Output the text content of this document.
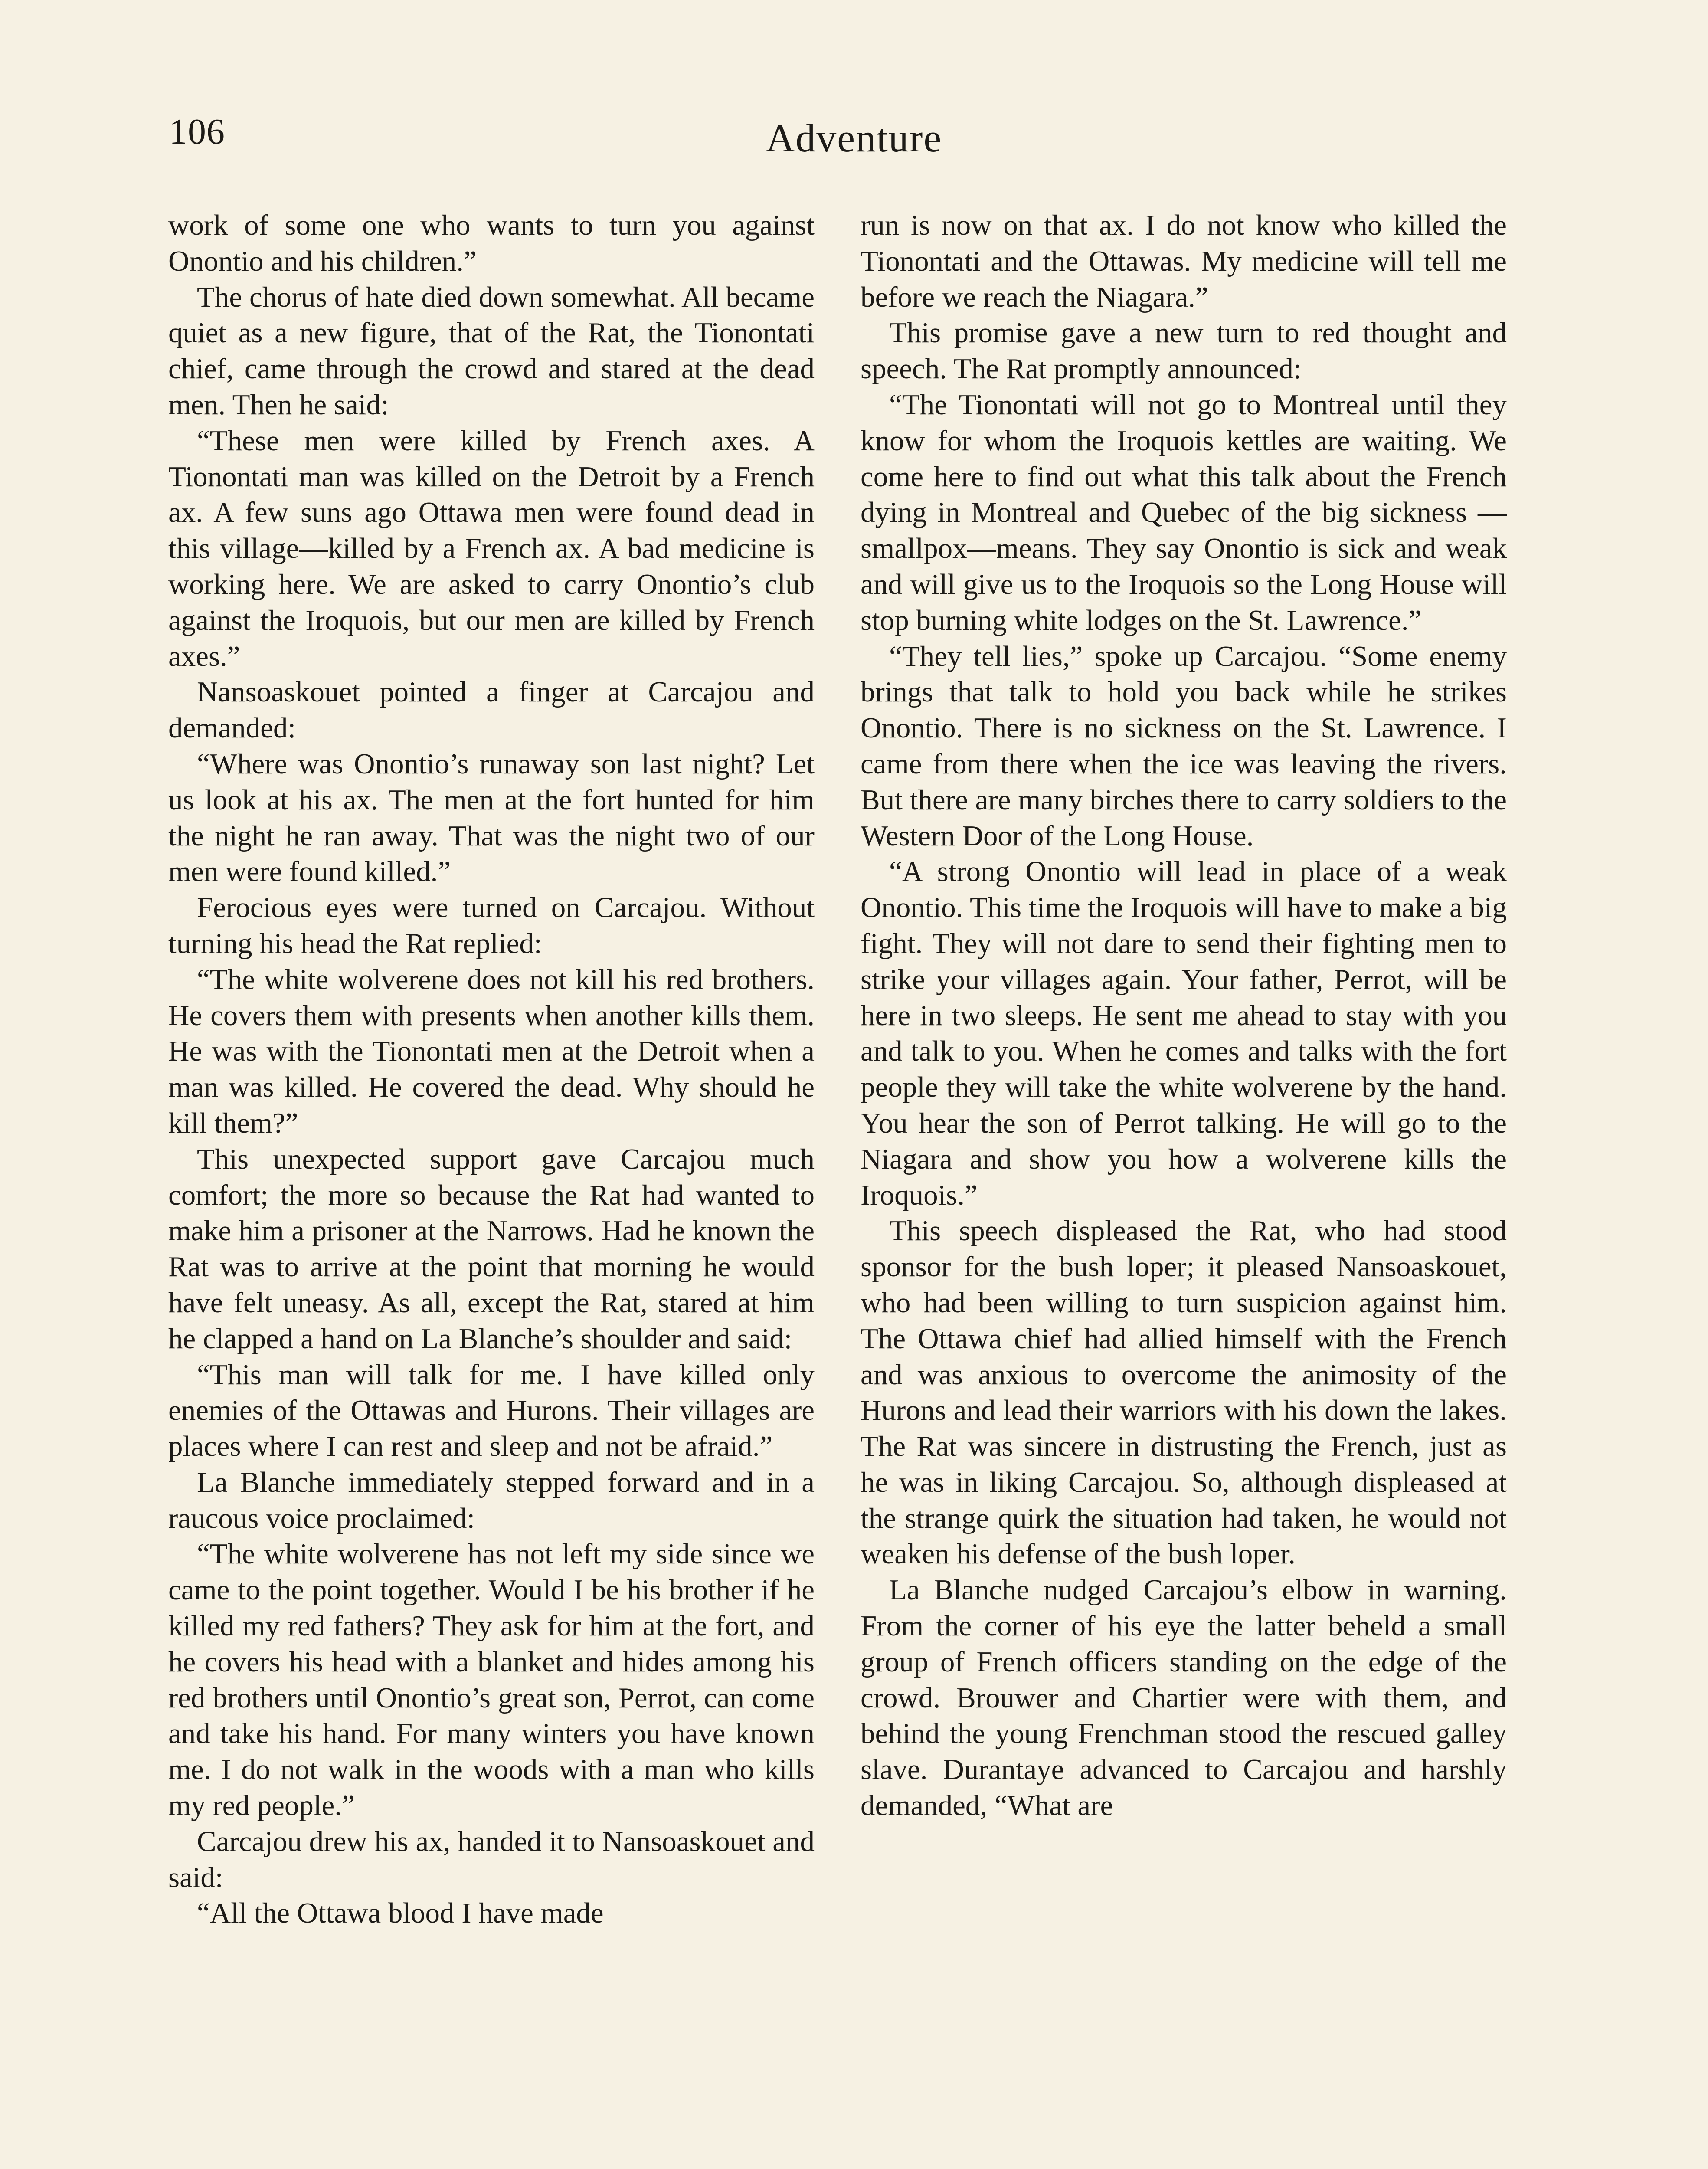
106	Adventure

work of some one who wants to turn you against Onontio and his children.”

The chorus of hate died down somewhat. All became quiet as a new figure, that of the Rat, the Tionontati chief, came through the crowd and stared at the dead men. Then he said:

“These men were killed by French axes. A Tionontati man was killed on the Detroit by a French ax. A few suns ago Ottawa men were found dead in this village—killed by a French ax. A bad medicine is working here. We are asked to carry Onontio’s club against the Iroquois, but our men are killed by French axes.”

Nansoaskouet pointed a finger at Carcajou and demanded:

“Where was Onontio’s runaway son last night? Let us look at his ax. The men at the fort hunted for him the night he ran away. That was the night two of our men were found killed.”

Ferocious eyes were turned on Carcajou. Without turning his head the Rat replied:

“The white wolverene does not kill his red brothers. He covers them with presents when another kills them. He was with the Tionontati men at the Detroit when a man was killed. He covered the dead. Why should he kill them?”

This unexpected support gave Carcajou much comfort; the more so because the Rat had wanted to make him a prisoner at the Narrows. Had he known the Rat was to arrive at the point that morning he would have felt uneasy. As all, except the Rat, stared at him he clapped a hand on La Blanche’s shoulder and said:

“This man will talk for me. I have killed only enemies of the Ottawas and Hurons. Their villages are places where I can rest and sleep and not be afraid.”

La Blanche immediately stepped forward and in a raucous voice proclaimed:

“The white wolverene has not left my side since we came to the point together. Would I be his brother if he killed my red fathers? They ask for him at the fort, and he covers his head with a blanket and hides among his red brothers until Onontio’s great son, Perrot, can come and take his hand. For many winters you have known me. I do not walk in the woods with a man who kills my red people.”

Carcajou drew his ax, handed it to Nansoaskouet and said:

“All the Ottawa blood I have made

run is now on that ax. I do not know who killed the Tionontati and the Ottawas. My medicine will tell me before we reach the Niagara.”

This promise gave a new turn to red thought and speech. The Rat promptly announced:

“The Tionontati will not go to Montreal until they know for whom the Iroquois kettles are waiting. We come here to find out what this talk about the French dying in Montreal and Quebec of the big sickness —smallpox—means. They say Onontio is sick and weak and will give us to the Iroquois so the Long House will stop burning white lodges on the St. Lawrence.”

“They tell lies,” spoke up Carcajou. “Some enemy brings that talk to hold you back while he strikes Onontio. There is no sickness on the St. Lawrence. I came from there when the ice was leaving the rivers. But there are many birches there to carry soldiers to the Western Door of the Long House.

“A strong Onontio will lead in place of a weak Onontio. This time the Iroquois will have to make a big fight. They will not dare to send their fighting men to strike your villages again. Your father, Perrot, will be here in two sleeps. He sent me ahead to stay with you and talk to you. When he comes and talks with the fort people they will take the white wolverene by the hand. You hear the son of Perrot talking. He will go to the Niagara and show you how a wolverene kills the Iroquois.”

This speech displeased the Rat, who had stood sponsor for the bush loper; it pleased Nansoaskouet, who had been willing to turn suspicion against him. The Ottawa chief had allied himself with the French and was anxious to overcome the animosity of the Hurons and lead their warriors with his down the lakes. The Rat was sincere in distrusting the French, just as he was in liking Carcajou. So, although displeased at the strange quirk the situation had taken, he would not weaken his defense of the bush loper.

La Blanche nudged Carcajou’s elbow in warning. From the corner of his eye the latter beheld a small group of French officers standing on the edge of the crowd. Brouwer and Chartier were with them, and behind the young Frenchman stood the rescued galley slave. Durantaye advanced to Carcajou and harshly demanded, “What are
